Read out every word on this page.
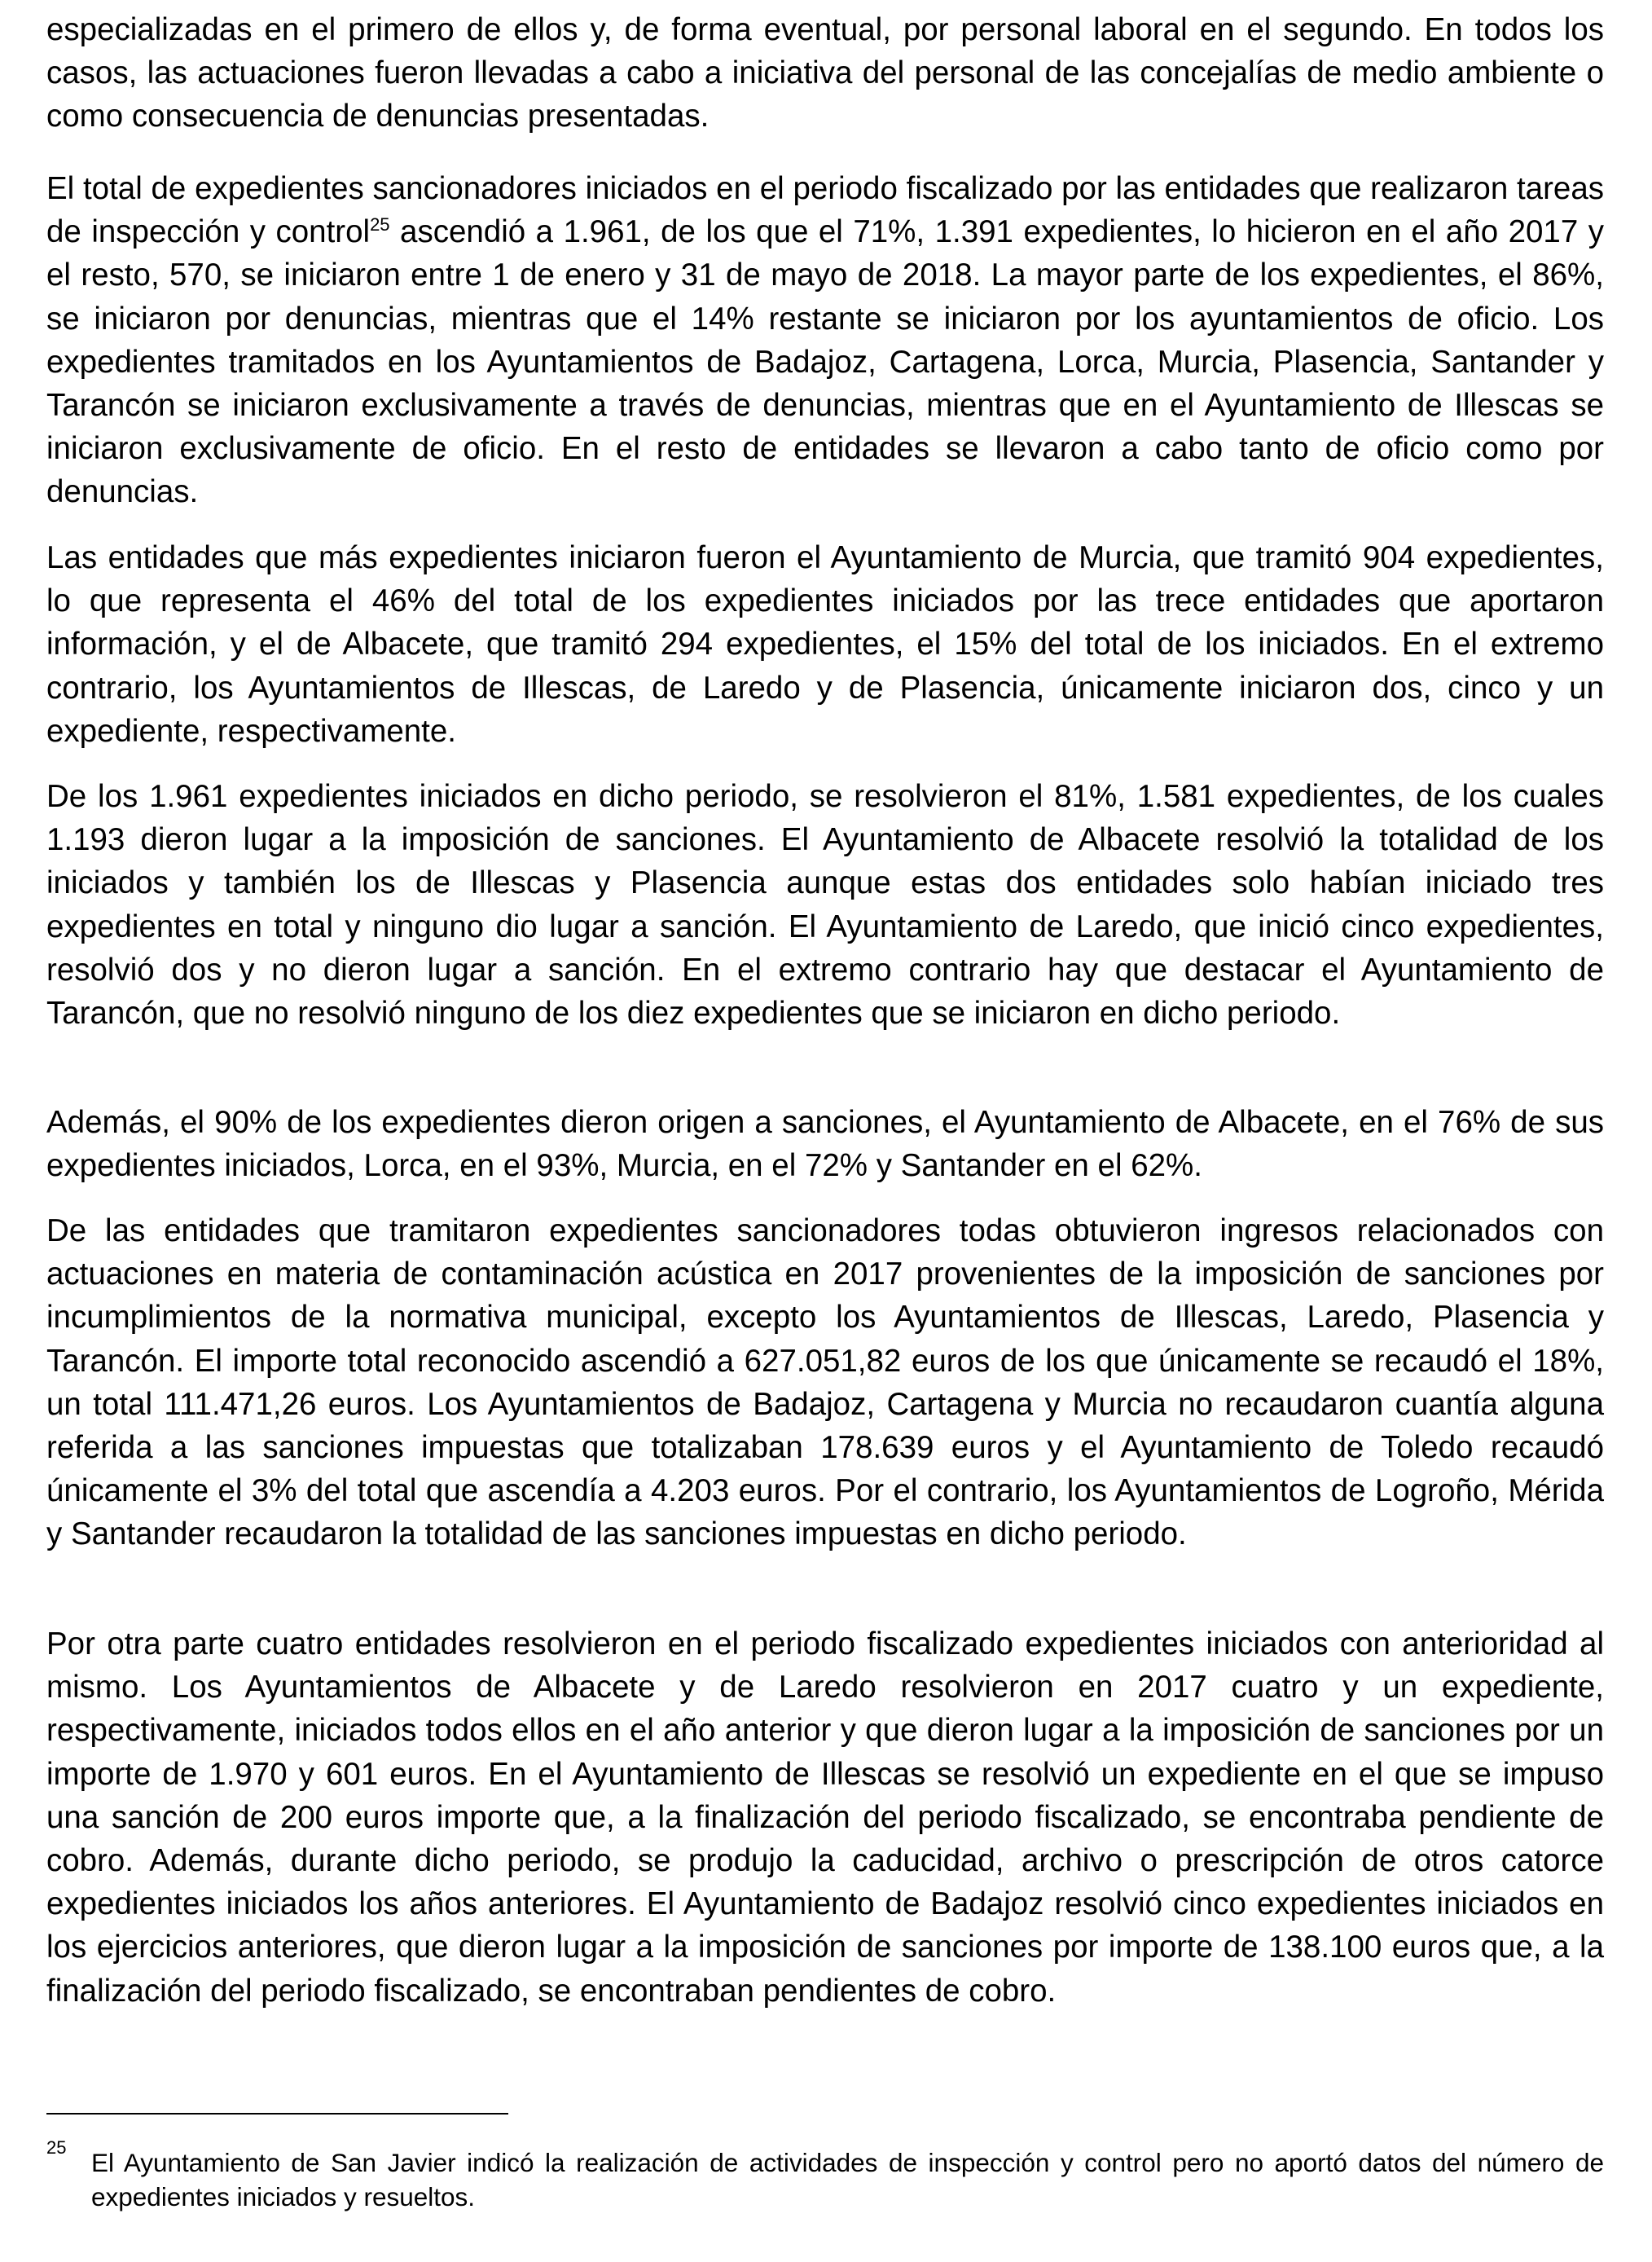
especializadas en el primero de ellos y, de forma eventual, por personal laboral en el segundo. En todos los casos, las actuaciones fueron llevadas a cabo a iniciativa del personal de las concejalías de medio ambiente o como consecuencia de denuncias presentadas.

El total de expedientes sancionadores iniciados en el periodo fiscalizado por las entidades que realizaron tareas de inspección y control$^{25}$ ascendió a 1.961, de los que el 71%, 1.391 expedientes, lo hicieron en el año 2017 y el resto, 570, se iniciaron entre 1 de enero y 31 de mayo de 2018. La mayor parte de los expedientes, el 86%, se iniciaron por denuncias, mientras que el 14% restante se iniciaron por los ayuntamientos de oficio. Los expedientes tramitados en los Ayuntamientos de Badajoz, Cartagena, Lorca, Murcia, Plasencia, Santander y Tarancón se iniciaron exclusivamente a través de denuncias, mientras que en el Ayuntamiento de Illescas se iniciaron exclusivamente de oficio. En el resto de entidades se llevaron a cabo tanto de oficio como por denuncias.

Las entidades que más expedientes iniciaron fueron el Ayuntamiento de Murcia, que tramitó 904 expedientes, lo que representa el 46% del total de los expedientes iniciados por las trece entidades que aportaron información, y el de Albacete, que tramitó 294 expedientes, el 15% del total de los iniciados. En el extremo contrario, los Ayuntamientos de Illescas, de Laredo y de Plasencia, únicamente iniciaron dos, cinco y un expediente, respectivamente.

De los 1.961 expedientes iniciados en dicho periodo, se resolvieron el 81%, 1.581 expedientes, de los cuales 1.193 dieron lugar a la imposición de sanciones. El Ayuntamiento de Albacete resolvió la totalidad de los iniciados y también los de Illescas y Plasencia aunque estas dos entidades solo habían iniciado tres expedientes en total y ninguno dio lugar a sanción. El Ayuntamiento de Laredo, que inició cinco expedientes, resolvió dos y no dieron lugar a sanción. En el extremo contrario hay que destacar el Ayuntamiento de Tarancón, que no resolvió ninguno de los diez expedientes que se iniciaron en dicho periodo.

Además, el 90% de los expedientes dieron origen a sanciones, el Ayuntamiento de Albacete, en el 76% de sus expedientes iniciados, Lorca, en el 93%, Murcia, en el 72% y Santander en el 62%.

De las entidades que tramitaron expedientes sancionadores todas obtuvieron ingresos relacionados con actuaciones en materia de contaminación acústica en 2017 provenientes de la imposición de sanciones por incumplimientos de la normativa municipal, excepto los Ayuntamientos de Illescas, Laredo, Plasencia y Tarancón. El importe total reconocido ascendió a 627.051,82 euros de los que únicamente se recaudó el 18%, un total 111.471,26 euros. Los Ayuntamientos de Badajoz, Cartagena y Murcia no recaudaron cuantía alguna referida a las sanciones impuestas que totalizaban 178.639 euros y el Ayuntamiento de Toledo recaudó únicamente el 3% del total que ascendía a 4.203 euros. Por el contrario, los Ayuntamientos de Logroño, Mérida y Santander recaudaron la totalidad de las sanciones impuestas en dicho periodo.

Por otra parte cuatro entidades resolvieron en el periodo fiscalizado expedientes iniciados con anterioridad al mismo. Los Ayuntamientos de Albacete y de Laredo resolvieron en 2017 cuatro y un expediente, respectivamente, iniciados todos ellos en el año anterior y que dieron lugar a la imposición de sanciones por un importe de 1.970 y 601 euros. En el Ayuntamiento de Illescas se resolvió un expediente en el que se impuso una sanción de 200 euros importe que, a la finalización del periodo fiscalizado, se encontraba pendiente de cobro. Además, durante dicho periodo, se produjo la caducidad, archivo o prescripción de otros catorce expedientes iniciados los años anteriores. El Ayuntamiento de Badajoz resolvió cinco expedientes iniciados en los ejercicios anteriores, que dieron lugar a la imposición de sanciones por importe de 138.100 euros que, a la finalización del periodo fiscalizado, se encontraban pendientes de cobro.

25
El Ayuntamiento de San Javier indicó la realización de actividades de inspección y control pero no aportó datos del número de expedientes iniciados y resueltos.
